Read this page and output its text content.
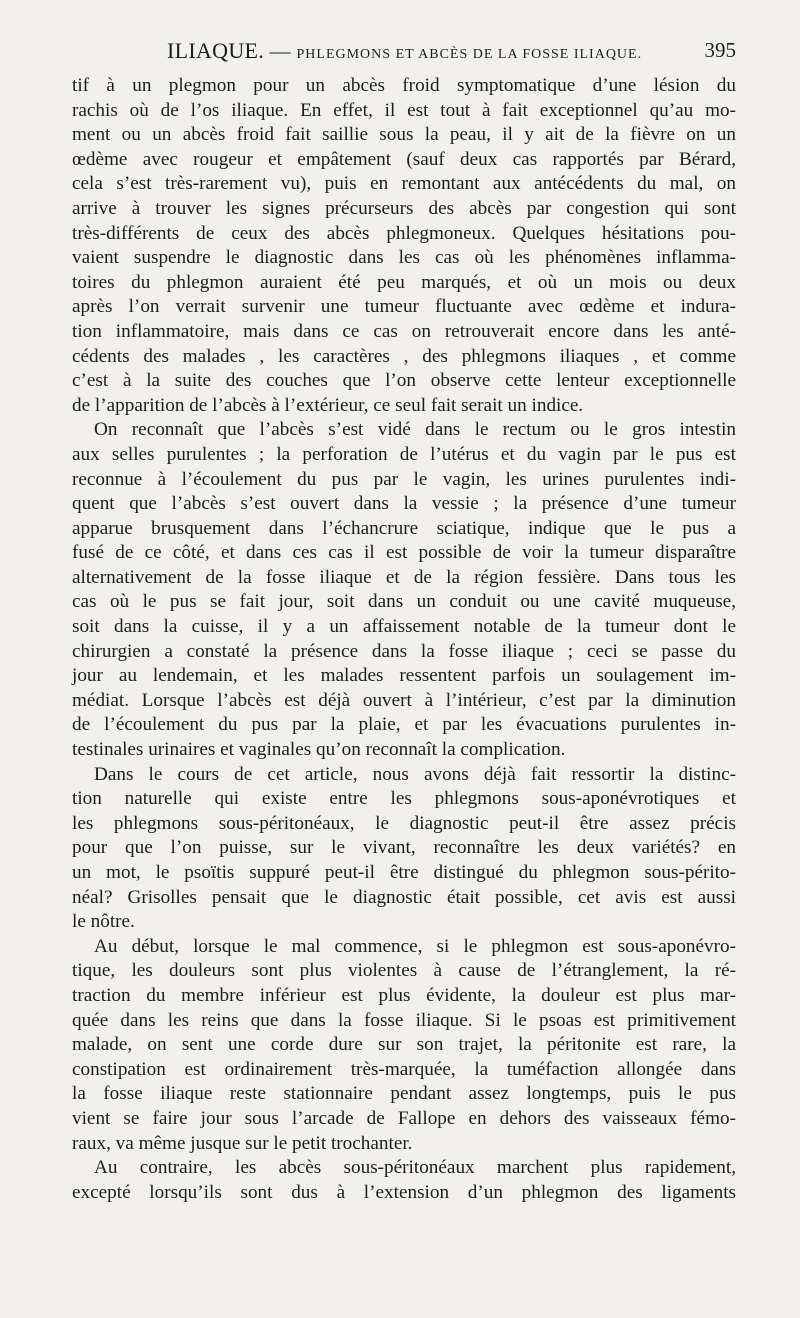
ILIAQUE. — PHLEGMONS ET ABCÈS DE LA FOSSE ILIAQUE.	395
tif à un plegmon pour un abcès froid symptomatique d’une lésion du
rachis où de l’os iliaque. En effet, il est tout à fait exceptionnel qu’au mo-
ment ou un abcès froid fait saillie sous la peau, il y ait de la fièvre on un
œdème avec rougeur et empâtement (sauf deux cas rapportés par Bérard,
cela s’est très-rarement vu), puis en remontant aux antécédents du mal, on
arrive à trouver les signes précurseurs des abcès par congestion qui sont
très-différents de ceux des abcès phlegmoneux. Quelques hésitations pou-
vaient suspendre le diagnostic dans les cas où les phénomènes inflamma-
toires du phlegmon auraient été peu marqués, et où un mois ou deux
après l’on verrait survenir une tumeur fluctuante avec œdème et indura-
tion inflammatoire, mais dans ce cas on retrouverait encore dans les anté-
cédents des malades , les caractères , des phlegmons iliaques , et comme
c’est à la suite des couches que l’on observe cette lenteur exceptionnelle
de l’apparition de l’abcès à l’extérieur, ce seul fait serait un indice.
On reconnaît que l’abcès s’est vidé dans le rectum ou le gros intestin
aux selles purulentes ; la perforation de l’utérus et du vagin par le pus est
reconnue à l’écoulement du pus par le vagin, les urines purulentes indi-
quent que l’abcès s’est ouvert dans la vessie ; la présence d’une tumeur
apparue brusquement dans l’échancrure sciatique, indique que le pus a
fusé de ce côté, et dans ces cas il est possible de voir la tumeur disparaître
alternativement de la fosse iliaque et de la région fessière. Dans tous les
cas où le pus se fait jour, soit dans un conduit ou une cavité muqueuse,
soit dans la cuisse, il y a un affaissement notable de la tumeur dont le
chirurgien a constaté la présence dans la fosse iliaque ; ceci se passe du
jour au lendemain, et les malades ressentent parfois un soulagement im-
médiat. Lorsque l’abcès est déjà ouvert à l’intérieur, c’est par la diminution
de l’écoulement du pus par la plaie, et par les évacuations purulentes in-
testinales urinaires et vaginales qu’on reconnaît la complication.
Dans le cours de cet article, nous avons déjà fait ressortir la distinc-
tion naturelle qui existe entre les phlegmons sous-aponévrotiques et
les phlegmons sous-péritonéaux, le diagnostic peut-il être assez précis
pour que l’on puisse, sur le vivant, reconnaître les deux variétés? en
un mot, le psoïtis suppuré peut-il être distingué du phlegmon sous-périto-
néal? Grisolles pensait que le diagnostic était possible, cet avis est aussi
le nôtre.
Au début, lorsque le mal commence, si le phlegmon est sous-aponévro-
tique, les douleurs sont plus violentes à cause de l’étranglement, la ré-
traction du membre inférieur est plus évidente, la douleur est plus mar-
quée dans les reins que dans la fosse iliaque. Si le psoas est primitivement
malade, on sent une corde dure sur son trajet, la péritonite est rare, la
constipation est ordinairement très-marquée, la tuméfaction allongée dans
la fosse iliaque reste stationnaire pendant assez longtemps, puis le pus
vient se faire jour sous l’arcade de Fallope en dehors des vaisseaux fémo-
raux, va même jusque sur le petit trochanter.
Au contraire, les abcès sous-péritonéaux marchent plus rapidement,
excepté lorsqu’ils sont dus à l’extension d’un phlegmon des ligaments
